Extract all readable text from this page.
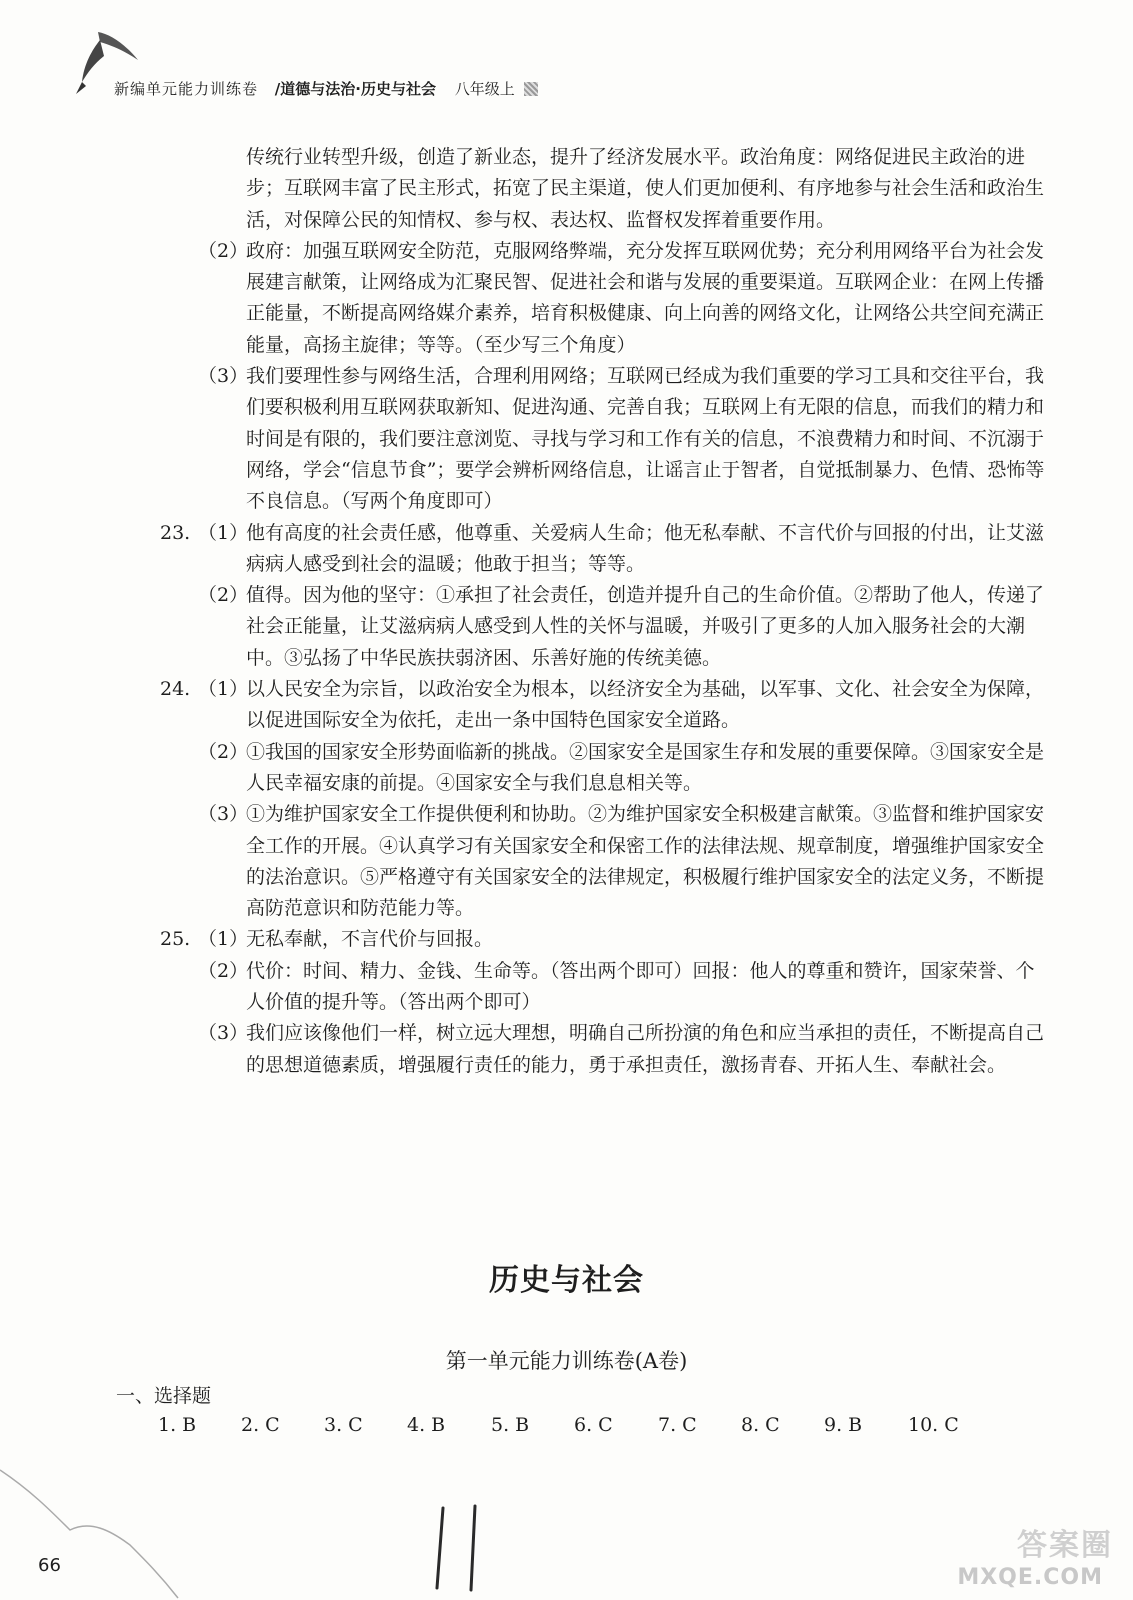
新编单元能力训练卷 /道德与法治·历史与社会 八年级上

传统行业转型升级，创造了新业态，提升了经济发展水平。政治角度：网络促进民主政治的进步；互联网丰富了民主形式，拓宽了民主渠道，使人们更加便利、有序地参与社会生活和政治生活，对保障公民的知情权、参与权、表达权、监督权发挥着重要作用。

（2）
政府：加强互联网安全防范，克服网络弊端，充分发挥互联网优势；充分利用网络平台为社会发展建言献策，让网络成为汇聚民智、促进社会和谐与发展的重要渠道。互联网企业：在网上传播正能量，不断提高网络媒介素养，培育积极健康、向上向善的网络文化，让网络公共空间充满正能量，高扬主旋律；等等。（至少写三个角度）
（3）
我们要理性参与网络生活，合理利用网络；互联网已经成为我们重要的学习工具和交往平台，我们要积极利用互联网获取新知、促进沟通、完善自我；互联网上有无限的信息，而我们的精力和时间是有限的，我们要注意浏览、寻找与学习和工作有关的信息，不浪费精力和时间、不沉溺于网络，学会“信息节食”；要学会辨析网络信息，让谣言止于智者，自觉抵制暴力、色情、恐怖等不良信息。（写两个角度即可）
23. （1）
他有高度的社会责任感，他尊重、关爱病人生命；他无私奉献、不言代价与回报的付出，让艾滋病病人感受到社会的温暖；他敢于担当；等等。
（2）
值得。因为他的坚守：①承担了社会责任，创造并提升自己的生命价值。②帮助了他人，传递了社会正能量，让艾滋病病人感受到人性的关怀与温暖，并吸引了更多的人加入服务社会的大潮中。③弘扬了中华民族扶弱济困、乐善好施的传统美德。
24. （1）
以人民安全为宗旨，以政治安全为根本，以经济安全为基础，以军事、文化、社会安全为保障，以促进国际安全为依托，走出一条中国特色国家安全道路。
（2）
①我国的国家安全形势面临新的挑战。②国家安全是国家生存和发展的重要保障。③国家安全是人民幸福安康的前提。④国家安全与我们息息相关等。
（3）
①为维护国家安全工作提供便利和协助。②为维护国家安全积极建言献策。③监督和维护国家安全工作的开展。④认真学习有关国家安全和保密工作的法律法规、规章制度，增强维护国家安全的法治意识。⑤严格遵守有关国家安全的法律规定，积极履行维护国家安全的法定义务，不断提高防范意识和防范能力等。
25. （1）
无私奉献，不言代价与回报。
（2）
代价：时间、精力、金钱、生命等。（答出两个即可）回报：他人的尊重和赞许，国家荣誉、个人价值的提升等。（答出两个即可）
（3）
我们应该像他们一样，树立远大理想，明确自己所扮演的角色和应当承担的责任，不断提高自己的思想道德素质，增强履行责任的能力，勇于承担责任，激扬青春、开拓人生、奉献社会。
历史与社会
第一单元能力训练卷(A卷)
一、选择题
1. B 2. C 3. C 4. B 5. B 6. C 7. C 8. C 9. B 10. C
66
答案圈
MXQE.COM
